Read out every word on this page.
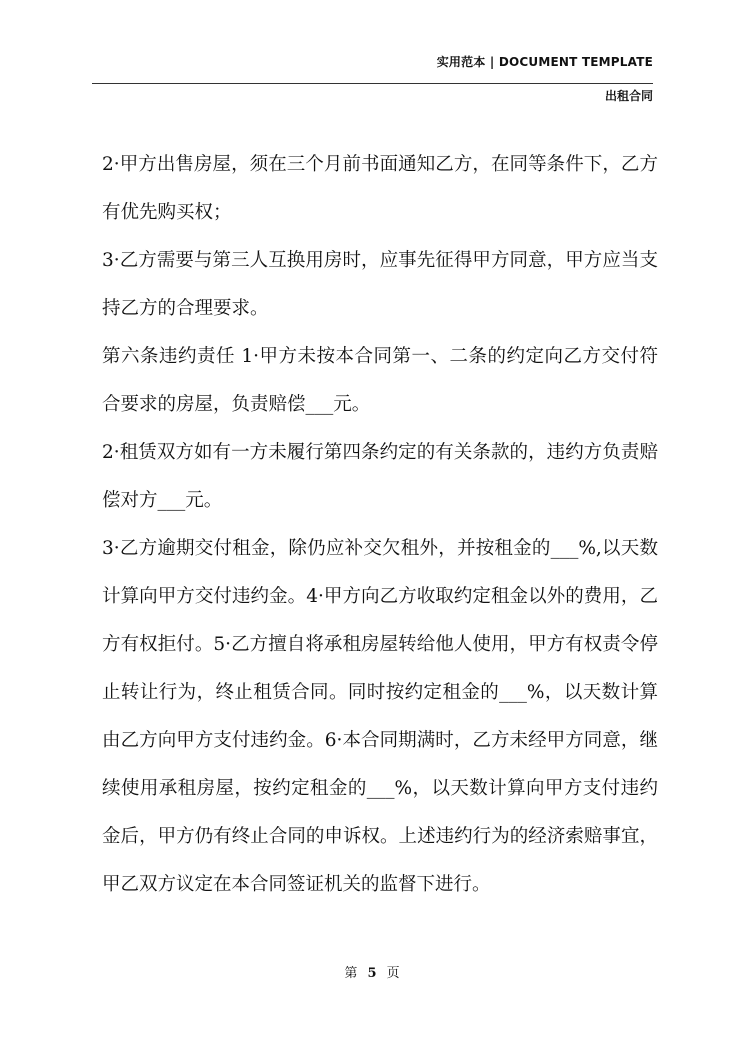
实用范本 | DOCUMENT TEMPLATE
出租合同

2·甲方出售房屋，须在三个月前书面通知乙方，在同等条件下，乙方有优先购买权；

3·乙方需要与第三人互换用房时，应事先征得甲方同意，甲方应当支持乙方的合理要求。

第六条违约责任 1·甲方未按本合同第一、二条的约定向乙方交付符合要求的房屋，负责赔偿___元。

2·租赁双方如有一方未履行第四条约定的有关条款的，违约方负责赔偿对方___元。

3·乙方逾期交付租金，除仍应补交欠租外，并按租金的___%,以天数计算向甲方交付违约金。4·甲方向乙方收取约定租金以外的费用，乙方有权拒付。5·乙方擅自将承租房屋转给他人使用，甲方有权责令停止转让行为，终止租赁合同。同时按约定租金的___%，以天数计算由乙方向甲方支付违约金。6·本合同期满时，乙方未经甲方同意，继续使用承租房屋，按约定租金的___%，以天数计算向甲方支付违约金后，甲方仍有终止合同的申诉权。上述违约行为的经济索赔事宜，甲乙双方议定在本合同签证机关的监督下进行。

第 5 页
